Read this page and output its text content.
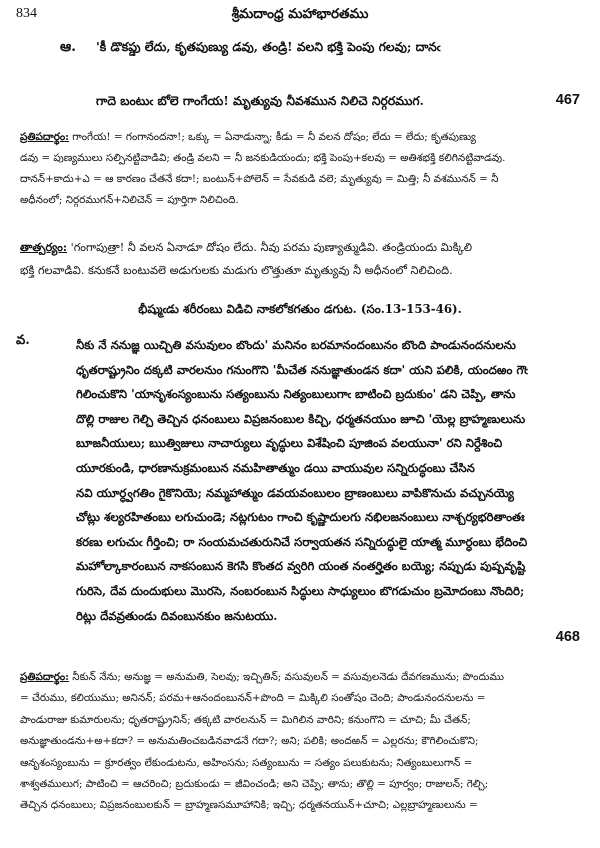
834	శ్రీమదాంధ్ర మహాభారతము
ఆ. 'కీ డొకప్డు లేదు, కృతపుణ్యు డవు, తండ్రి! వలని భక్తి పెంపు గలవు; దానఁ
గాదె బంటుఁ బోలె గాంగేయ! మృత్యువు నీవశమున నిలిచె నిర్గరముగ.	467
ప్రతిపదార్థం: గాంగేయ! = గంగానందనా!; ఒక్కు = ఏనాడున్నా; కీడు = నీ వలన దోషం; లేదు = లేదు; కృతపుణ్యు
డవు = పుణ్యములు సల్పినట్టివాడివి; తండ్రి వలని = నీ జనకుడియందు; భక్తి పెంపు+కలవు = అతిశభక్తి కలిగినట్టివాడవు.
దానన్+కాదు+ఎ = ఆ కారణం చేతనే కదా!; బంటున్+పోలెన్ = సేవకుడి వలె; మృత్యువు = మిత్తి; నీ వశమునన్ = నీ
అధీనంలో; నిర్గరముగన్+నిలిచెన్ = పూర్తిగా నిలిచింది.
తాత్పర్యం: 'గంగాపుత్రా! నీ వలన ఏనాడూ దోషం లేదు. నీవు పరమ పుణ్యాత్ముడివి. తండ్రియందు మిక్కిలి
భక్తి గలవాడివి. కనుకనే బంటువలె అడుగులకు మడుగు లొత్తుతూ మృత్యువు నీ అధీనంలో నిలిచింది.
భీష్ముఁడు శరీరంబు విడిచి నాకలోకగతుం డగుట. (సం.13-153-46).
వ.	నీకు నే ననుజ్ఞ యిచ్చితి వసువులం బొందు' మనినం బరమానందంబునం బొంది పాండునందనులను
ధృతరాష్ట్రునిం దక్కటి వారలనుం గనుంగొని 'మీచేత ననుజ్ఞాతుండన కదా' యని పలికి, యందఱం గౌఁ
గిలించుకొని 'యానృశంస్యంబును సత్యంబును నిత్యంబులుగాఁ బాటించి బ్రదుకుం' డని చెప్పి, తాను
దొల్లి రాజుల గెల్చి తెచ్చిన ధనంబులు విప్రజనంబుల కిచ్చి, ధర్మతనయుం జూచి 'యెల్ల బ్రాహ్మణులును
బూజనీయులు; ఋత్విజులు నాచార్యులు వృద్ధులు విశేషించి పూజింప వలయునా' రని నిర్దేశించి
యూరకుండి, ధారణానుక్రమంబున నమహితాత్ముం డయి వాయువుల సన్నిరుద్ధంబు చేసిన
నవి యూర్ధ్వగతిం గైకొనియె; నమ్మహాత్ముం డవయవంబులం బ్రాణంబులు వాపికొనుచు వచ్చునయ్యె
చోట్లు శల్యరహితంబు లగుచుండె; నట్లగుటం గాంచి కృష్ణాదులగు నభిలజనంబులు నాశ్చర్యభరితాంతః
కరణు లగుచుఁ గీర్తించి; రా సంయమచతురునిచే సర్వాయతన సన్నిరుద్ధులై యాత్మ మూర్ధంబు భేదించి
మహోల్కాకారంబున నాకసంబున కెగసి కొంతద వ్వరిగి యంత నంతర్హితం బయ్యె; నప్పుడు పుష్పవృష్టి
గురిసె, దేవ దుందుభులు మొరసె, నంబరంబున సిద్ధులు సాధ్యులుం బొగడుచుం బ్రమోదంబు నొందిరి;
రిట్లు దేవవ్రతుండు దివంబునకుం జనుటయు.
468
ప్రతిపదార్థం: నీకున్ నేను; అనుజ్ఞ = అనుమతి, సెలవు; ఇచ్చితిన్; వసువులన్ = వసువులనెడు దేవగణమును; పొందుము
= చేరుము, కలియుము; అనినన్; పరమ+ఆనందంబునన్+పొంది = మిక్కిలి సంతోషం చెంది; పాండునందనులను =
పాండురాజు కుమారులను; ధృతరాష్ట్రునిన్; తక్కటి వారలనున్ = మిగిలిన వారిని; కనుంగొని = చూచి; మీ చేతన్;
అనుజ్ఞాతుండను+అ+కదా? = అనుమతించబడినవాడనే గదా?; అని; పలికి; అందఱన్ = ఎల్లరను; కౌగిలించుకొని;
ఆనృశంస్యంబును = క్రూరత్వం లేకుండుటను, అహింసను; సత్యంబును = సత్యం పలుకుటను; నిత్యంబులుగాన్ =
శాశ్వతములుగ; పాటించి = ఆచరించి; బ్రదుకుండు = జీవించండి; అని చెప్పి; తాను; తొల్లి = పూర్వం; రాజులన్; గెల్చి;
తెచ్చిన ధనంబులు; విప్రజనంబులకున్ = బ్రాహ్మణసమూహానికి; ఇచ్చి; ధర్మతనయున్+చూచి; ఎల్లబ్రాహ్మణులును =
